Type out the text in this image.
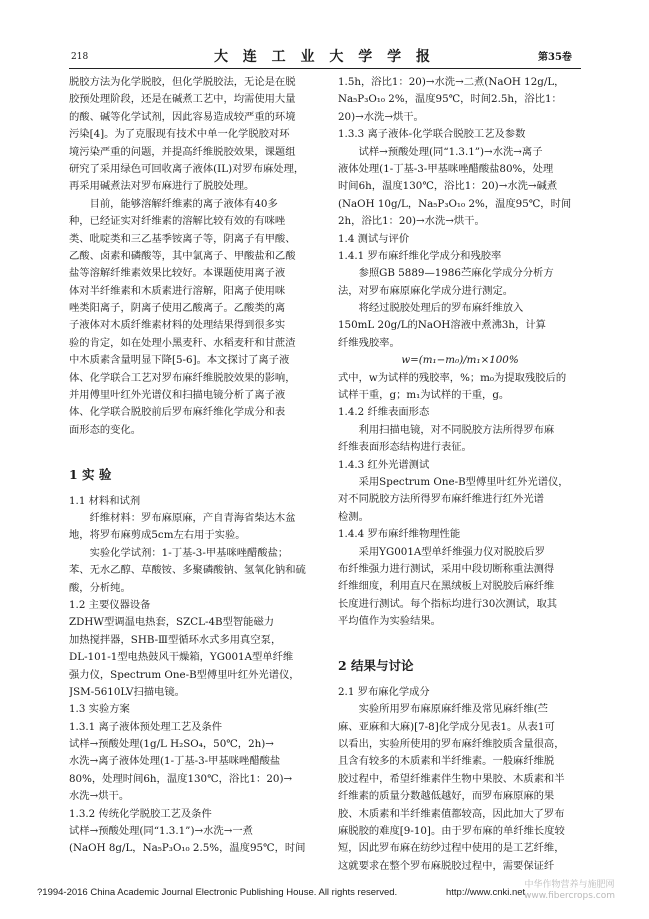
218	大 连 工 业 大 学 学 报	第35卷
脱胶方法为化学脱胶，但化学脱胶法，无论是在脱
胶预处理阶段，还是在碱煮工艺中，均需使用大量
的酸、碱等化学试剂，因此容易造成较严重的环境
污染[4]。为了克服现有技术中单一化学脱胶对环
境污染严重的问题，并提高纤维脱胶效果，课题组
研究了采用绿色可回收离子液体(IL)对罗布麻处理，
再采用碱煮法对罗布麻进行了脱胶处理。
目前，能够溶解纤维素的离子液体有40多
种，已经证实对纤维素的溶解比较有效的有咪唑
类、吡啶类和三乙基季铵离子等，阴离子有甲酸、
乙酸、卤素和磷酸等，其中氯离子、甲酸盐和乙酸
盐等溶解纤维素效果比较好。本课题使用离子液
体对半纤维素和木质素进行溶解，阳离子使用咪
唑类阳离子，阴离子使用乙酸离子。乙酸类的离
子液体对木质纤维素材料的处理结果得到很多实
验的肯定，如在处理小黑麦秆、水稻麦秆和甘蔗渣
中木质素含量明显下降[5-6]。本文探讨了离子液
体、化学联合工艺对罗布麻纤维脱胶效果的影响，
并用傅里叶红外光谱仪和扫描电镜分析了离子液
体、化学联合脱胶前后罗布麻纤维化学成分和表
面形态的变化。
1 实 验
1.1 材料和试剂
纤维材料：罗布麻原麻，产自青海省柴达木盆
地，将罗布麻剪成5cm左右用于实验。
实验化学试剂：1-丁基-3-甲基咪唑醋酸盐；
苯、无水乙醇、草酸铵、多聚磷酸钠、氢氧化钠和硫
酸，分析纯。
1.2 主要仪器设备
ZDHW型调温电热套，SZCL-4B型智能磁力
加热搅拌器，SHB-Ⅲ型循环水式多用真空泵，
DL-101-1型电热鼓风干燥箱，YG001A型单纤维
强力仪，Spectrum One-B型傅里叶红外光谱仪，
JSM-5610LV扫描电镜。
1.3 实验方案
1.3.1 离子液体预处理工艺及条件
试样→预酸处理(1g/L H₂SO₄，50℃，2h)→
水洗→离子液体处理(1-丁基-3-甲基咪唑醋酸盐
80%，处理时间6h，温度130℃，浴比1：20)→
水洗→烘干。
1.3.2 传统化学脱胶工艺及条件
试样→预酸处理(同“1.3.1”)→水洗→一煮
(NaOH 8g/L，Na₅P₃O₁₀ 2.5%，温度95℃，时间
1.5h，浴比1：20)→水洗→二煮(NaOH 12g/L，
Na₅P₃O₁₀ 2%，温度95℃，时间2.5h，浴比1：
20)→水洗→烘干。
1.3.3 离子液体-化学联合脱胶工艺及参数
试样→预酸处理(同“1.3.1”)→水洗→离子
液体处理(1-丁基-3-甲基咪唑醋酸盐80%，处理
时间6h，温度130℃，浴比1：20)→水洗→碱煮
(NaOH 10g/L，Na₅P₃O₁₀ 2%，温度95℃，时间
2h，浴比1：20)→水洗→烘干。
1.4 测试与评价
1.4.1 罗布麻纤维化学成分和残胶率
参照GB 5889—1986苎麻化学成分分析方
法，对罗布麻原麻化学成分进行测定。
将经过脱胶处理后的罗布麻纤维放入
150mL 20g/L的NaOH溶液中煮沸3h，计算
纤维残胶率。
w=(m₁−m₀)/m₁×100%
式中，w为试样的残胶率，%；m₀为提取残胶后的
试样干重，g；m₁为试样的干重，g。
1.4.2 纤维表面形态
利用扫描电镜，对不同脱胶方法所得罗布麻
纤维表面形态结构进行表征。
1.4.3 红外光谱测试
采用Spectrum One-B型傅里叶红外光谱仪，
对不同脱胶方法所得罗布麻纤维进行红外光谱
检测。
1.4.4 罗布麻纤维物理性能
采用YG001A型单纤维强力仪对脱胶后罗
布纤维强力进行测试，采用中段切断称重法测得
纤维细度，利用直尺在黑绒板上对脱胶后麻纤维
长度进行测试。每个指标均进行30次测试，取其
平均值作为实验结果。
2 结果与讨论
2.1 罗布麻化学成分
实验所用罗布麻原麻纤维及常见麻纤维(苎
麻、亚麻和大麻)[7-8]化学成分见表1。从表1可
以看出，实验所使用的罗布麻纤维胶质含量很高，
且含有较多的木质素和半纤维素。一般麻纤维脱
胶过程中，希望纤维素伴生物中果胶、木质素和半
纤维素的质量分数越低越好，而罗布麻原麻的果
胶、木质素和半纤维素值都较高，因此加大了罗布
麻脱胶的难度[9-10]。由于罗布麻的单纤维长度较
短，因此罗布麻在纺纱过程中使用的是工艺纤维，
这就要求在整个罗布麻脱胶过程中，需要保证纤
?1994-2016 China Academic Journal Electronic Publishing House. All rights reserved.	http://www.cnki.net
中华作物营养与施肥网
www.fibercrops.com
